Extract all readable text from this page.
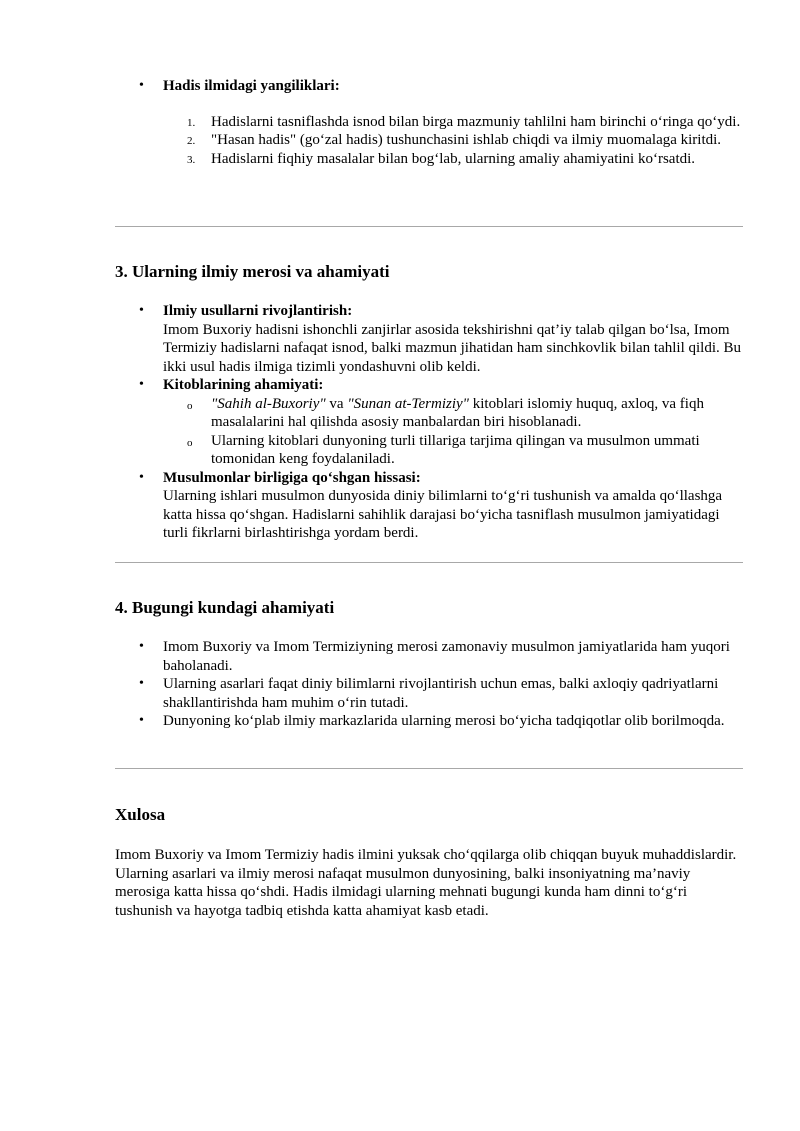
• Hadis ilmidagi yangiliklari:
1. Hadislarni tasniflashda isnod bilan birga mazmuniy tahlilni ham birinchi o‘ringa qo‘ydi.
2. "Hasan hadis" (go‘zal hadis) tushunchasini ishlab chiqdi va ilmiy muomalaga kiritdi.
3. Hadislarni fiqhiy masalalar bilan bog‘lab, ularning amaliy ahamiyatini ko‘rsatdi.
3. Ularning ilmiy merosi va ahamiyati
• Ilmiy usullarni rivojlantirish:
Imom Buxoriy hadisni ishonchli zanjirlar asosida tekshirishni qat’iy talab qilgan bo‘lsa, Imom Termiziy hadislarni nafaqat isnod, balki mazmun jihatidan ham sinchkovlik bilan tahlil qildi. Bu ikki usul hadis ilmiga tizimli yondashuvni olib keldi.
• Kitoblarining ahamiyati:
o "Sahih al-Buxoriy" va "Sunan at-Termiziy" kitoblari islomiy huquq, axloq, va fiqh masalalarini hal qilishda asosiy manbalardan biri hisoblanadi.
o Ularning kitoblari dunyoning turli tillariga tarjima qilingan va musulmon ummati tomonidan keng foydalaniladi.
• Musulmonlar birligiga qo‘shgan hissasi:
Ularning ishlari musulmon dunyosida diniy bilimlarni to‘g‘ri tushunish va amalda qo‘llashga katta hissa qo‘shgan. Hadislarni sahihlik darajasi bo‘yicha tasniflash musulmon jamiyatidagi turli fikrlarni birlashtirishga yordam berdi.
4. Bugungi kundagi ahamiyati
• Imom Buxoriy va Imom Termiziyning merosi zamonaviy musulmon jamiyatlarida ham yuqori baholanadi.
• Ularning asarlari faqat diniy bilimlarni rivojlantirish uchun emas, balki axloqiy qadriyatlarni shakllantirishda ham muhim o‘rin tutadi.
• Dunyoning ko‘plab ilmiy markazlarida ularning merosi bo‘yicha tadqiqotlar olib borilmoqda.
Xulosa

Imom Buxoriy va Imom Termiziy hadis ilmini yuksak cho‘qqilarga olib chiqqan buyuk muhaddislardir. Ularning asarlari va ilmiy merosi nafaqat musulmon dunyosining, balki insoniyatning ma’naviy merosiga katta hissa qo‘shdi. Hadis ilmidagi ularning mehnati bugungi kunda ham dinni to‘g‘ri tushunish va hayotga tadbiq etishda katta ahamiyat kasb etadi.
